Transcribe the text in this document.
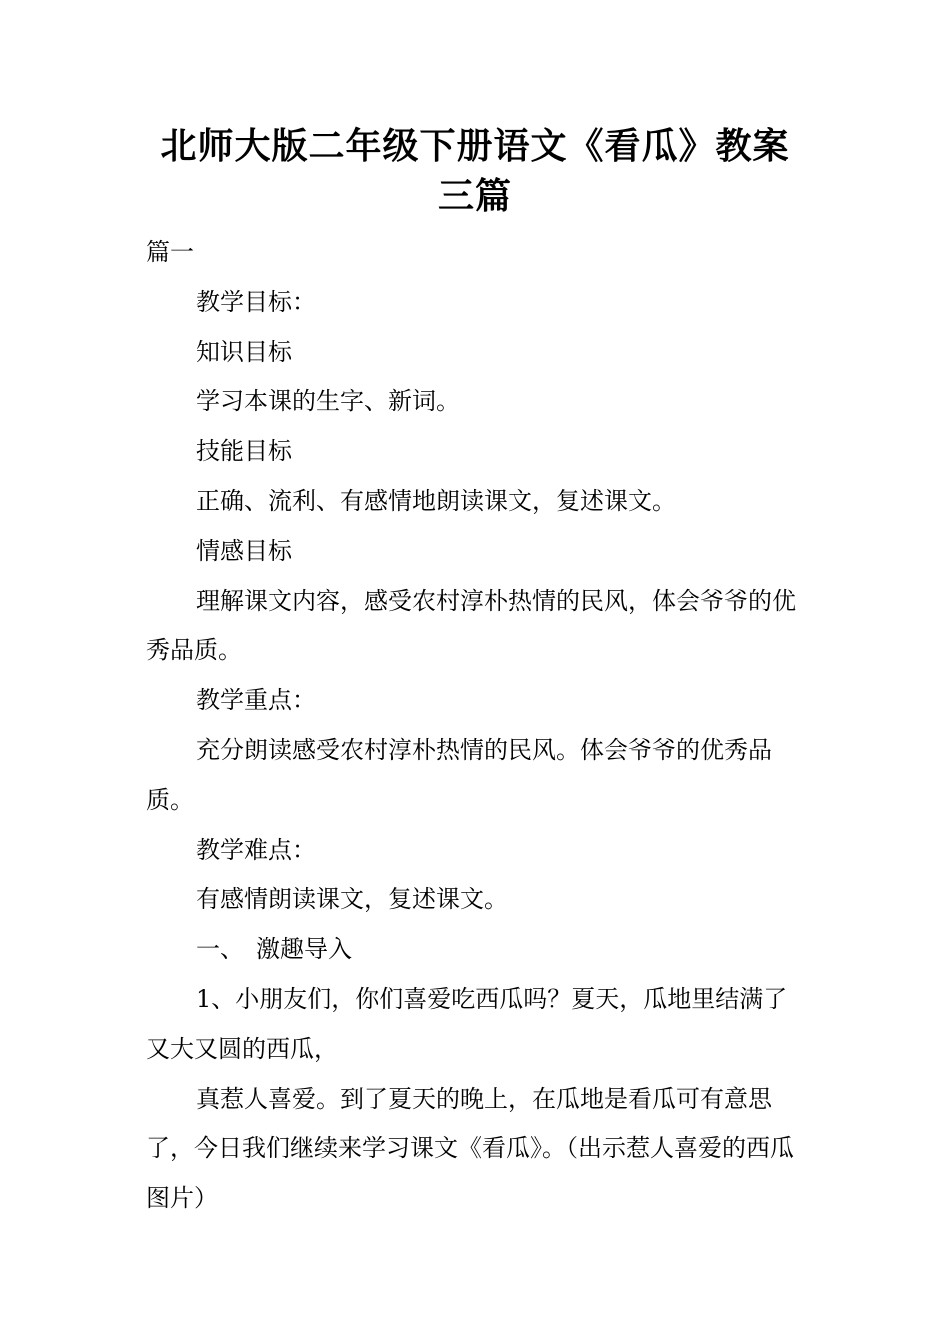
北师大版二年级下册语文《看瓜》教案三篇

篇一

教学目标：

知识目标

学习本课的生字、新词。

技能目标

正确、流利、有感情地朗读课文，复述课文。

情感目标

理解课文内容，感受农村淳朴热情的民风，体会爷爷的优秀品质。

教学重点：

充分朗读感受农村淳朴热情的民风。体会爷爷的优秀品质。

教学难点：

有感情朗读课文，复述课文。

一、　激趣导入

1、小朋友们，你们喜爱吃西瓜吗？夏天，瓜地里结满了又大又圆的西瓜，

真惹人喜爱。到了夏天的晚上，在瓜地是看瓜可有意思了，今日我们继续来学习课文《看瓜》。（出示惹人喜爱的西瓜图片）
